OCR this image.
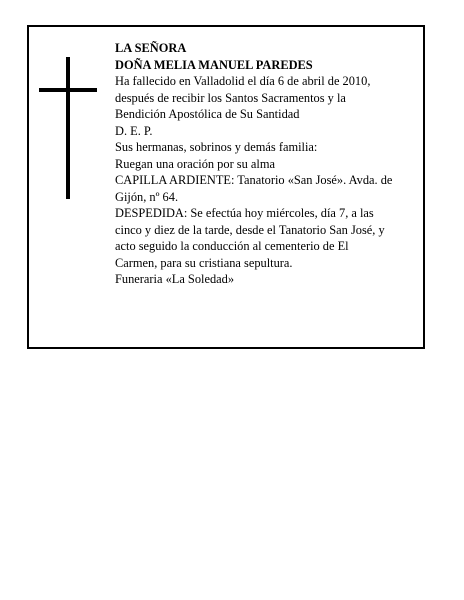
LA SEÑORA
DOÑA MELIA MANUEL PAREDES
Ha fallecido en Valladolid el día 6 de abril de 2010,
después de recibir los Santos Sacramentos y la
Bendición Apostólica de Su Santidad
D. E. P.
Sus hermanas, sobrinos y demás familia:
Ruegan una oración por su alma
CAPILLA ARDIENTE: Tanatorio «San José». Avda. de
Gijón, nº 64.
DESPEDIDA: Se efectúa hoy miércoles, día 7, a las
cinco y diez de la tarde, desde el Tanatorio San José, y
acto seguido la conducción al cementerio de El
Carmen, para su cristiana sepultura.
Funeraria «La Soledad»
